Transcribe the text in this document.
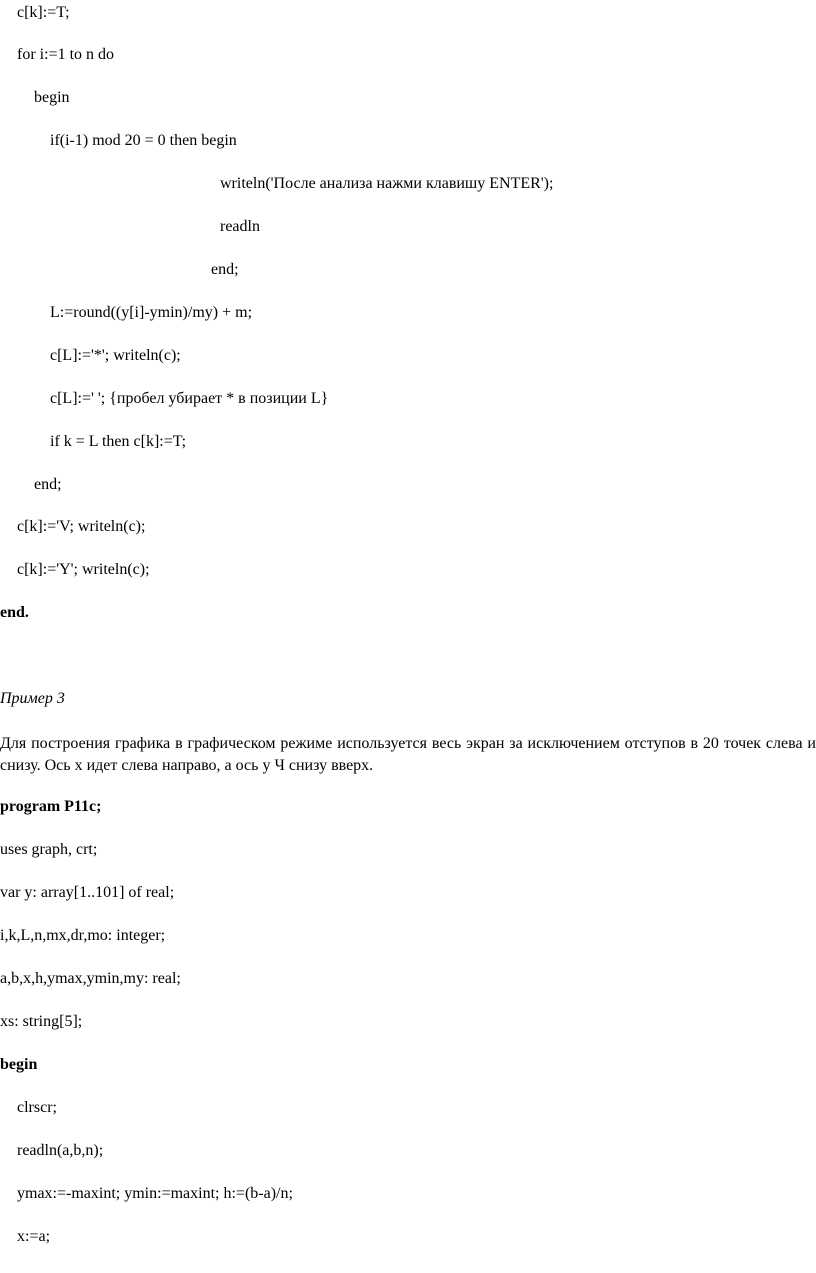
c[k]:=T;

for i:=1 to n do

begin

if(i-1) mod 20 = 0 then begin

writeln('После анализа нажми клавишу ENTER');

readln

end;

L:=round((y[i]-ymin)/my) + m;

c[L]:='*'; writeln(c);

c[L]:=' '; {пробел убирает * в позиции L}

if k = L then c[k]:=T;

end;

c[k]:='V; writeln(c);

c[k]:='Y'; writeln(c);

end.

Пример 3

Для построения графика в графическом режиме используется весь экран за исключением отступов в 20 точек слева и снизу. Ось x идет слева направо, а ось y Ч снизу вверх.

program P11c;

uses graph, crt;

var y: array[1..101] of real;

i,k,L,n,mx,dr,mo: integer;

a,b,x,h,ymax,ymin,my: real;

xs: string[5];

begin

clrscr;

readln(a,b,n);

ymax:=-maxint; ymin:=maxint; h:=(b-a)/n;

x:=a;
